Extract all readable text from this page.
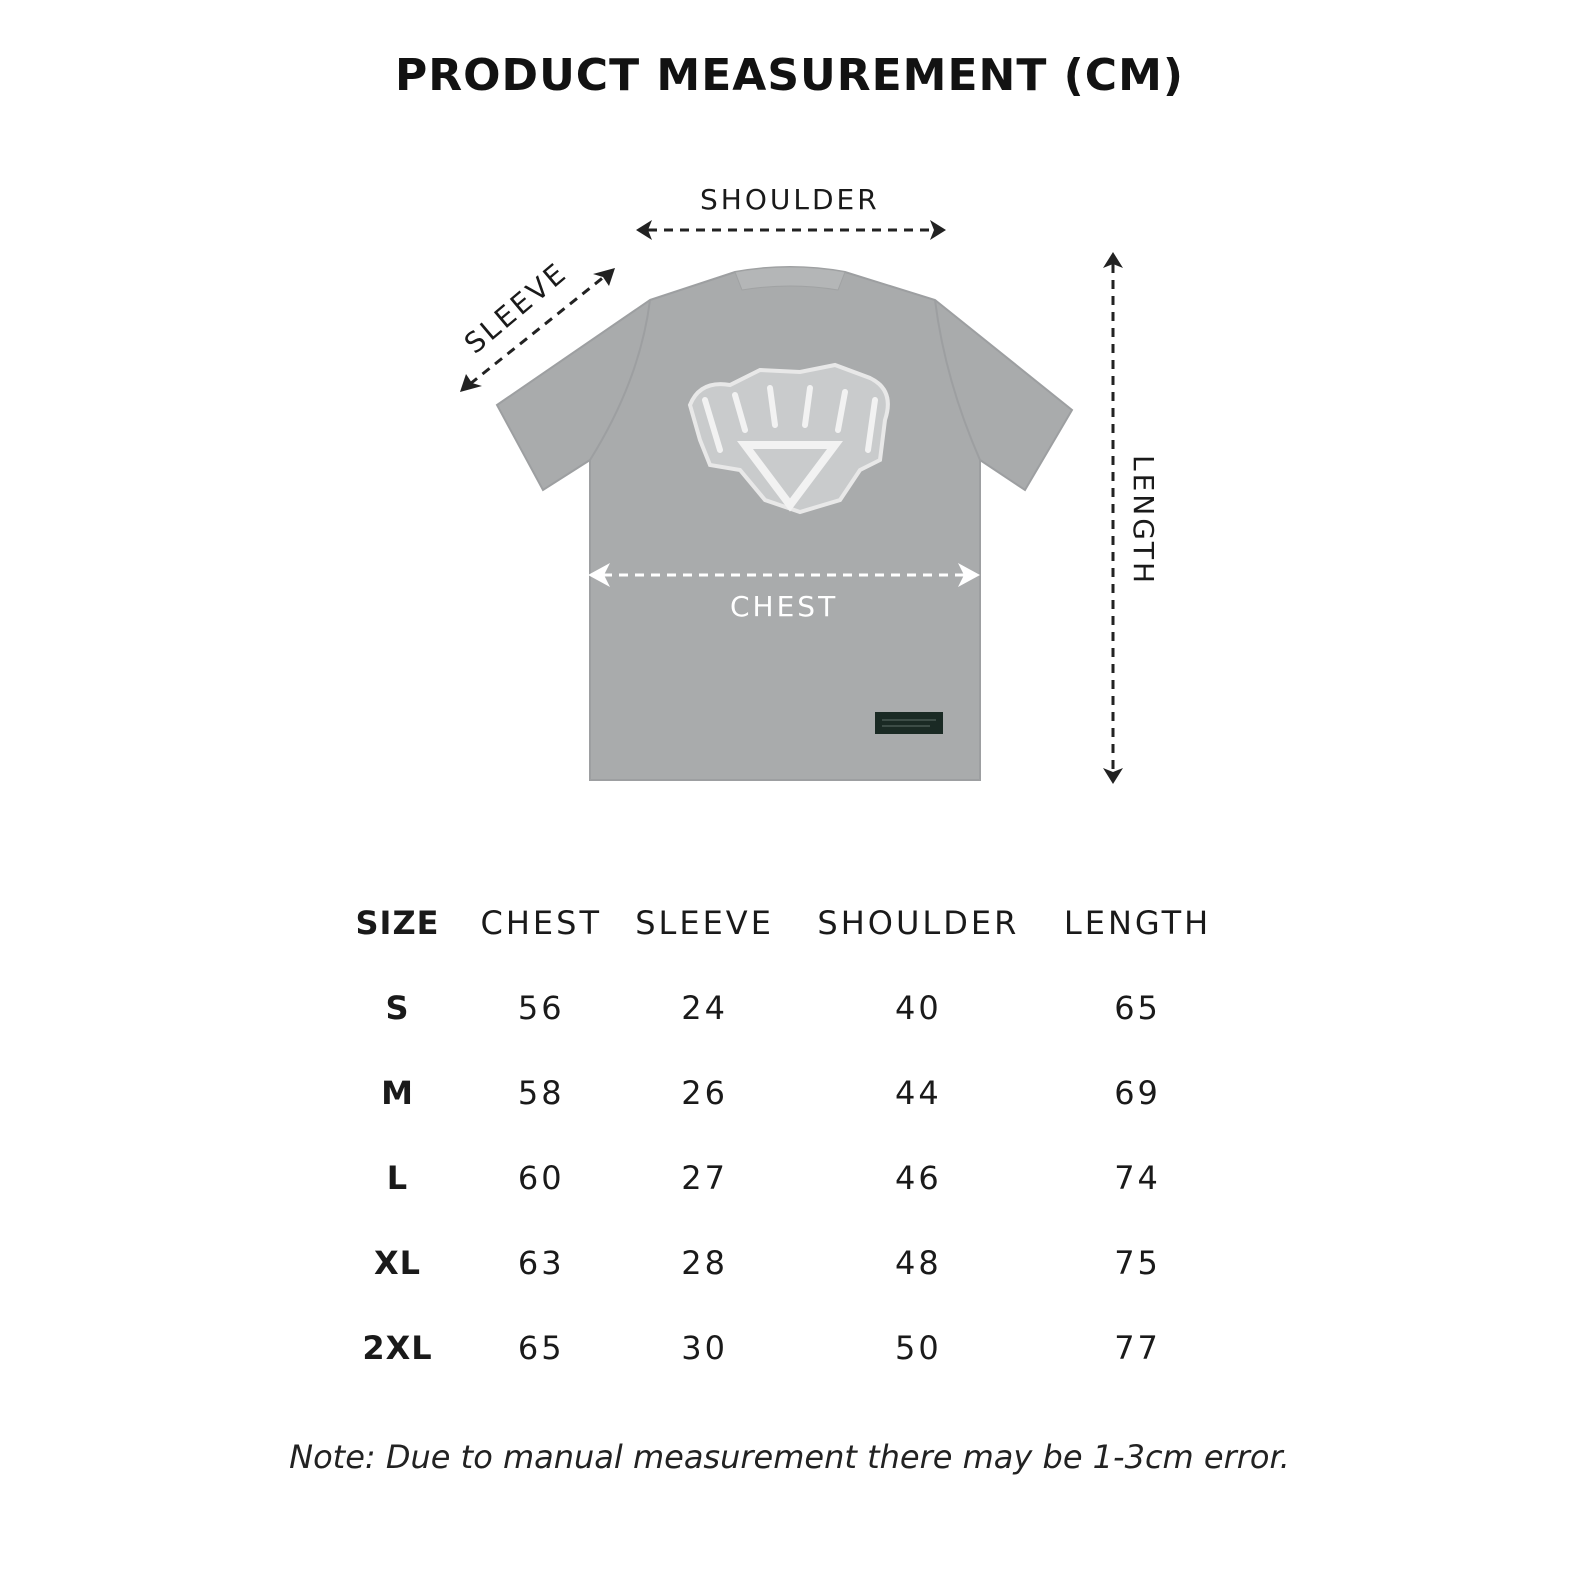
PRODUCT MEASUREMENT (CM)
SHOULDER
SLEEVE
LENGTH
CHEST
SIZE	CHEST	SLEEVE	SHOULDER	LENGTH
S	56	24	40	65
M	58	26	44	69
L	60	27	46	74
XL	63	28	48	75
2XL	65	30	50	77
Note: Due to manual measurement there may be 1-3cm error.
